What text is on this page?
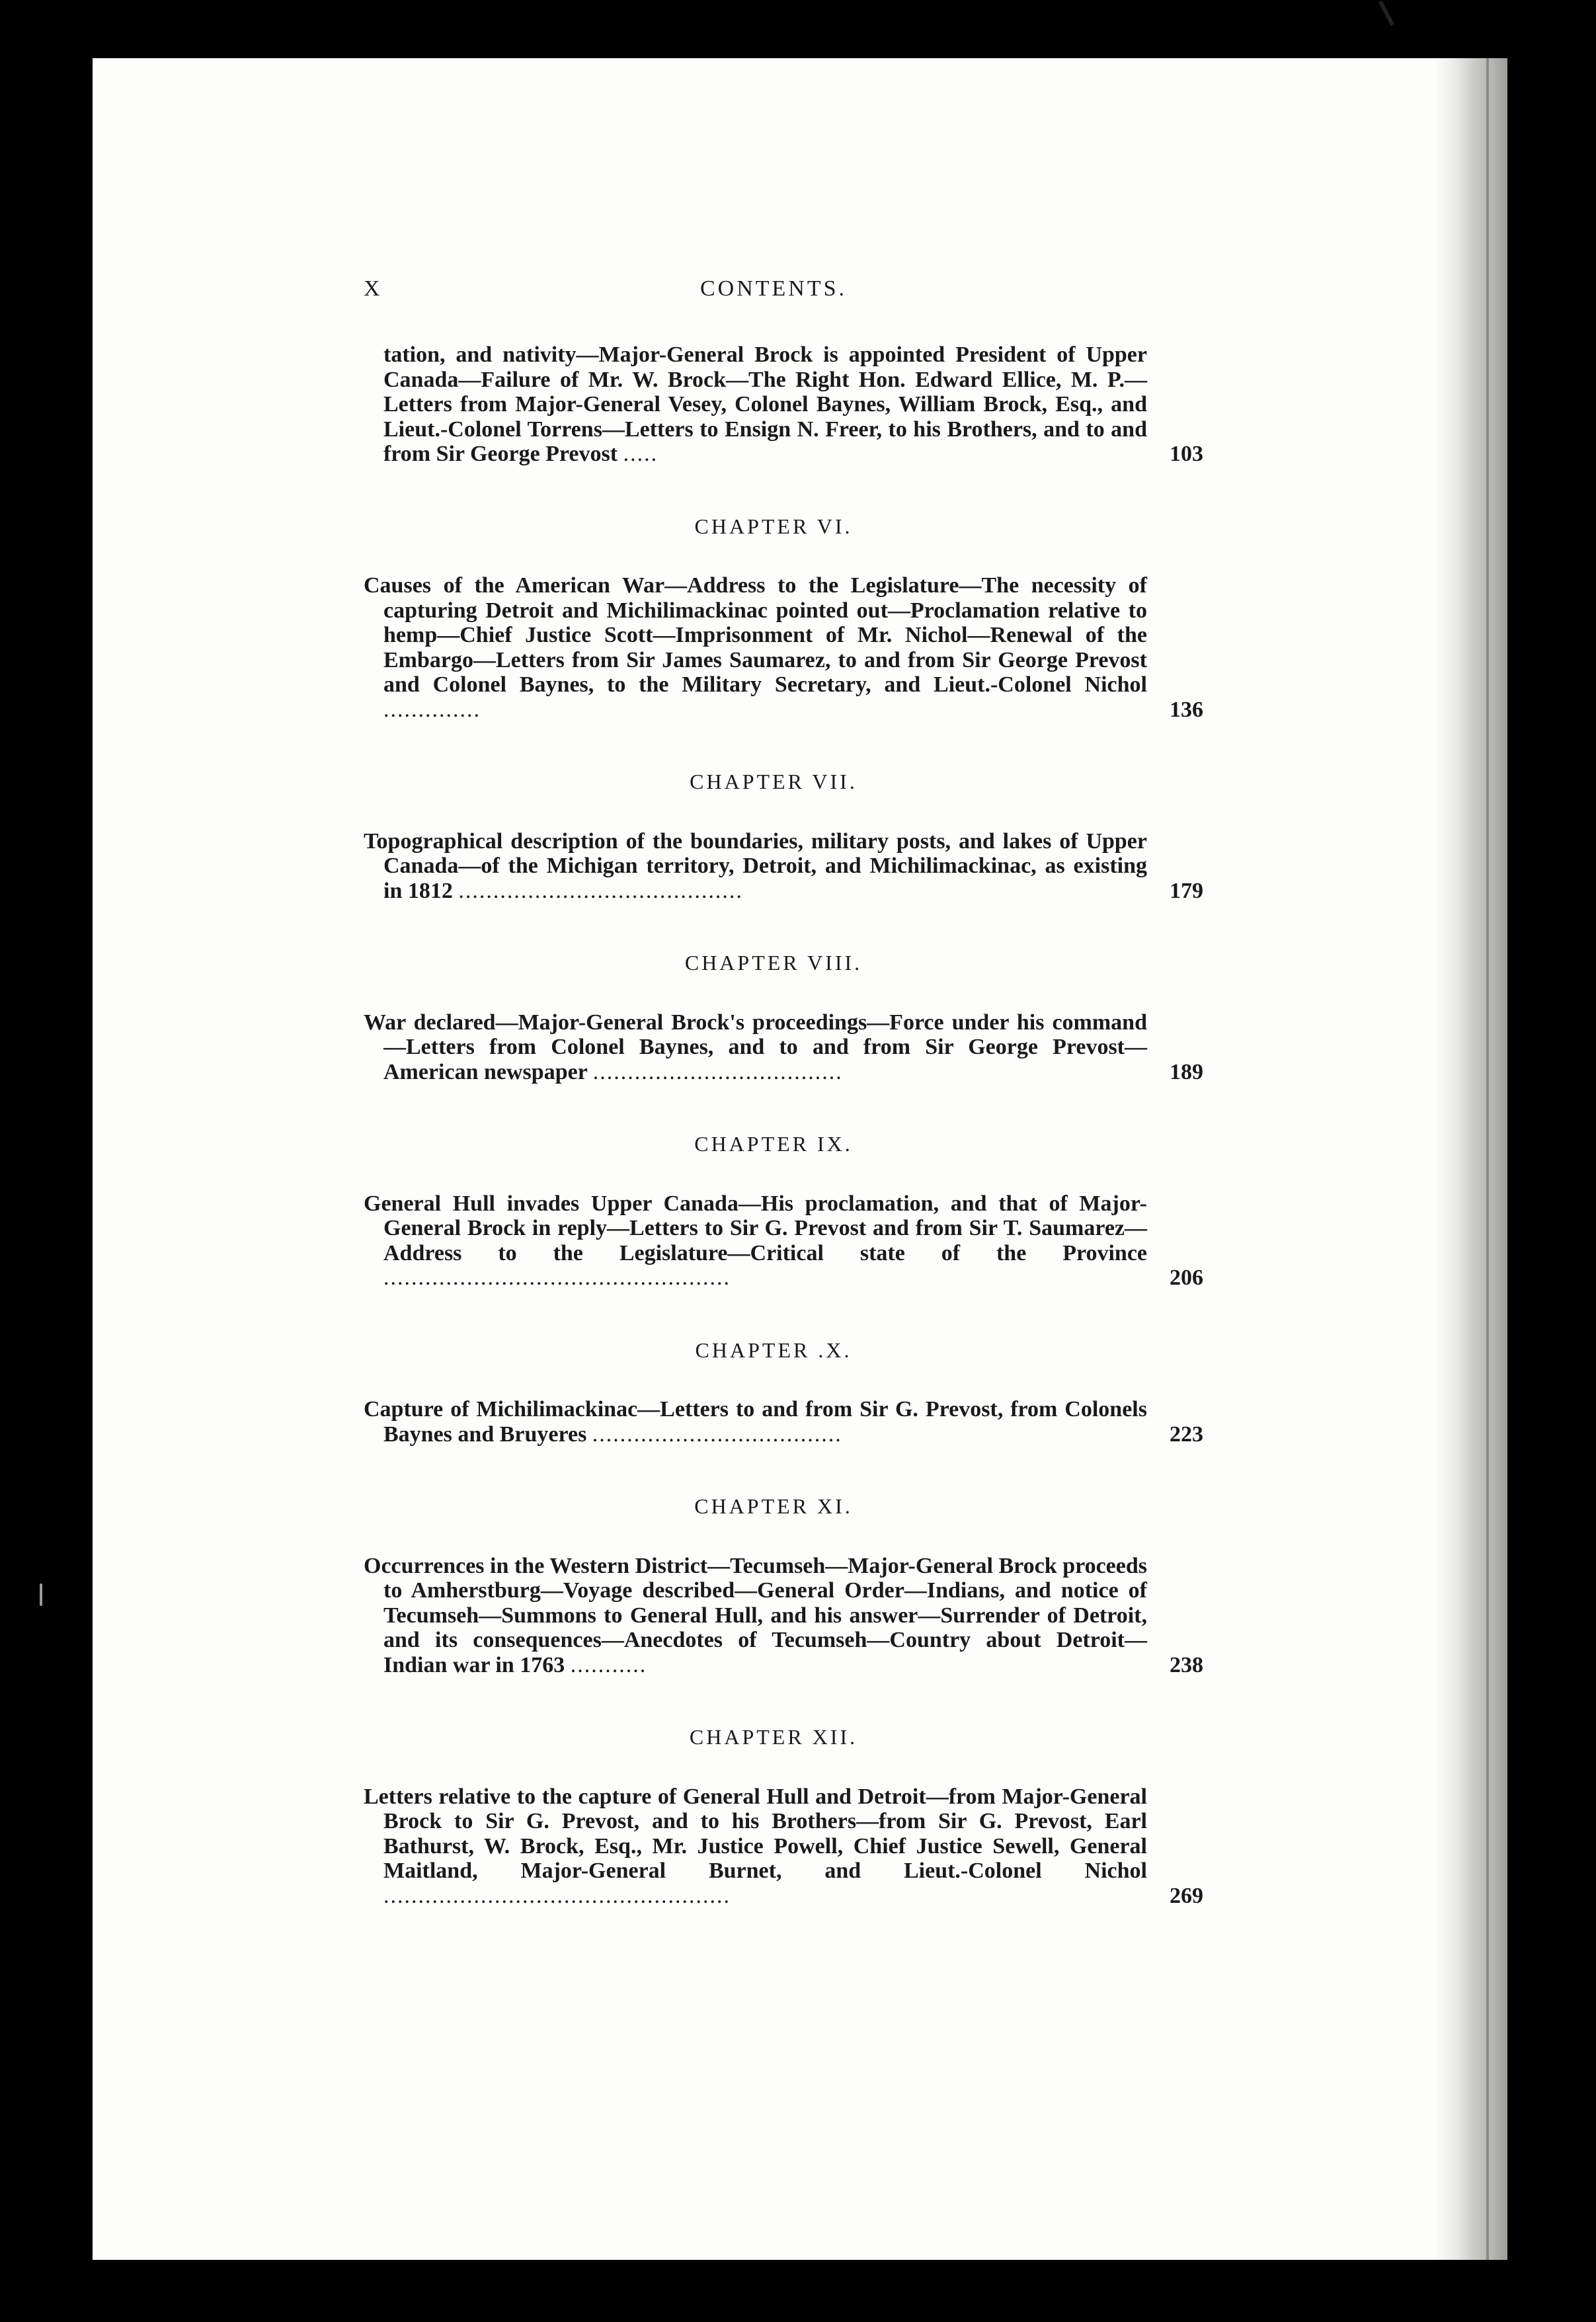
X	CONTENTS.
tation, and nativity—Major-General Brock is appointed President of Upper Canada—Failure of Mr. W. Brock—The Right Hon. Edward Ellice, M. P.—Letters from Major-General Vesey, Colonel Baynes, William Brock, Esq., and Lieut.-Colonel Torrens—Letters to Ensign N. Freer, to his Brothers, and to and from Sir George Prevost .....	103
CHAPTER VI.
Causes of the American War—Address to the Legislature—The necessity of capturing Detroit and Michilimackinac pointed out—Proclamation relative to hemp—Chief Justice Scott—Imprisonment of Mr. Nichol—Renewal of the Embargo—Letters from Sir James Saumarez, to and from Sir George Prevost and Colonel Baynes, to the Military Secretary, and Lieut.-Colonel Nichol ..............	136
CHAPTER VII.
Topographical description of the boundaries, military posts, and lakes of Upper Canada—of the Michigan territory, Detroit, and Michilimackinac, as existing in 1812 .........................................	179
CHAPTER VIII.
War declared—Major-General Brock's proceedings—Force under his command—Letters from Colonel Baynes, and to and from Sir George Prevost—American newspaper ....................................	189
CHAPTER IX.
General Hull invades Upper Canada—His proclamation, and that of Major-General Brock in reply—Letters to Sir G. Prevost and from Sir T. Saumarez—Address to the Legislature—Critical state of the Province ..................................................	206
CHAPTER .X.
Capture of Michilimackinac—Letters to and from Sir G. Prevost, from Colonels Baynes and Bruyeres ....................................	223
CHAPTER XI.
Occurrences in the Western District—Tecumseh—Major-General Brock proceeds to Amherstburg—Voyage described—General Order—Indians, and notice of Tecumseh—Summons to General Hull, and his answer—Surrender of Detroit, and its consequences—Anecdotes of Tecumseh—Country about Detroit—Indian war in 1763 ...........	238
CHAPTER XII.
Letters relative to the capture of General Hull and Detroit—from Major-General Brock to Sir G. Prevost, and to his Brothers—from Sir G. Prevost, Earl Bathurst, W. Brock, Esq., Mr. Justice Powell, Chief Justice Sewell, General Maitland, Major-General Burnet, and Lieut.-Colonel Nichol ..................................................	269
